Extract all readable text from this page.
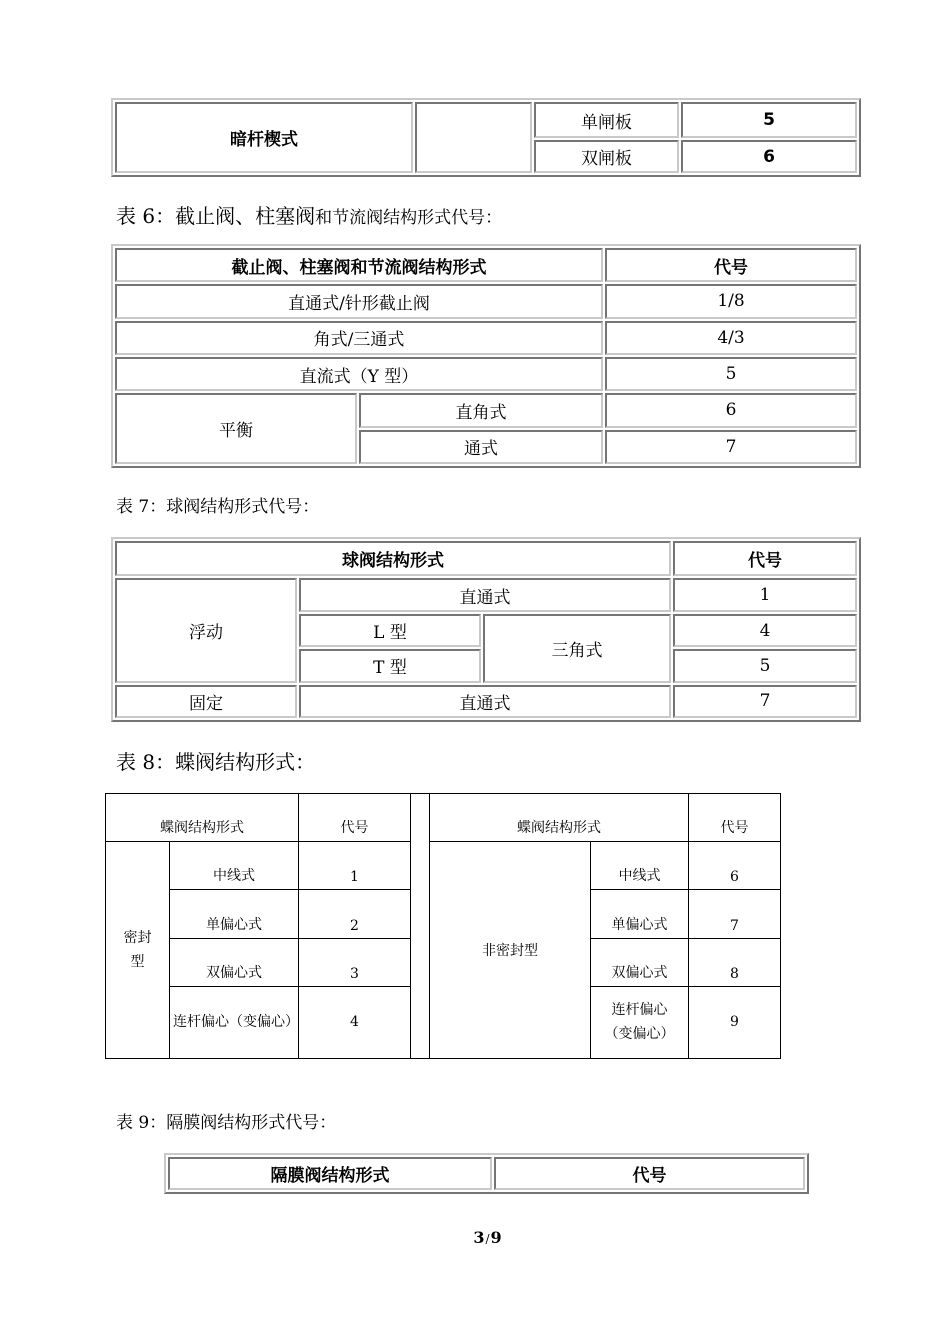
暗杆楔式		单闸板	5
		双闸板	6
表 6：截止阀、柱塞阀和节流阀结构形式代号：
截止阀、柱塞阀和节流阀结构形式		代号
直通式/针形截止阀		1/8
角式/三通式		4/3
直流式（Y 型）		5
平衡	直角式	6
	通式	7
表 7：球阀结构形式代号：
球阀结构形式			代号
浮动	直通式		1
	L 型	三角式	4
	T 型		5
固定	直通式		7
表 8：蝶阀结构形式：
蝶阀结构形式		代号		蝶阀结构形式		代号

密封型	中线式	1		非密封型	中线式	6
	单偏心式	2			单偏心式	7
	双偏心式	3			双偏心式	8

	连杆偏心（变偏心）	4			连杆偏心（变偏心）	9
表 9：隔膜阀结构形式代号：
隔膜阀结构形式	代号
3/9
